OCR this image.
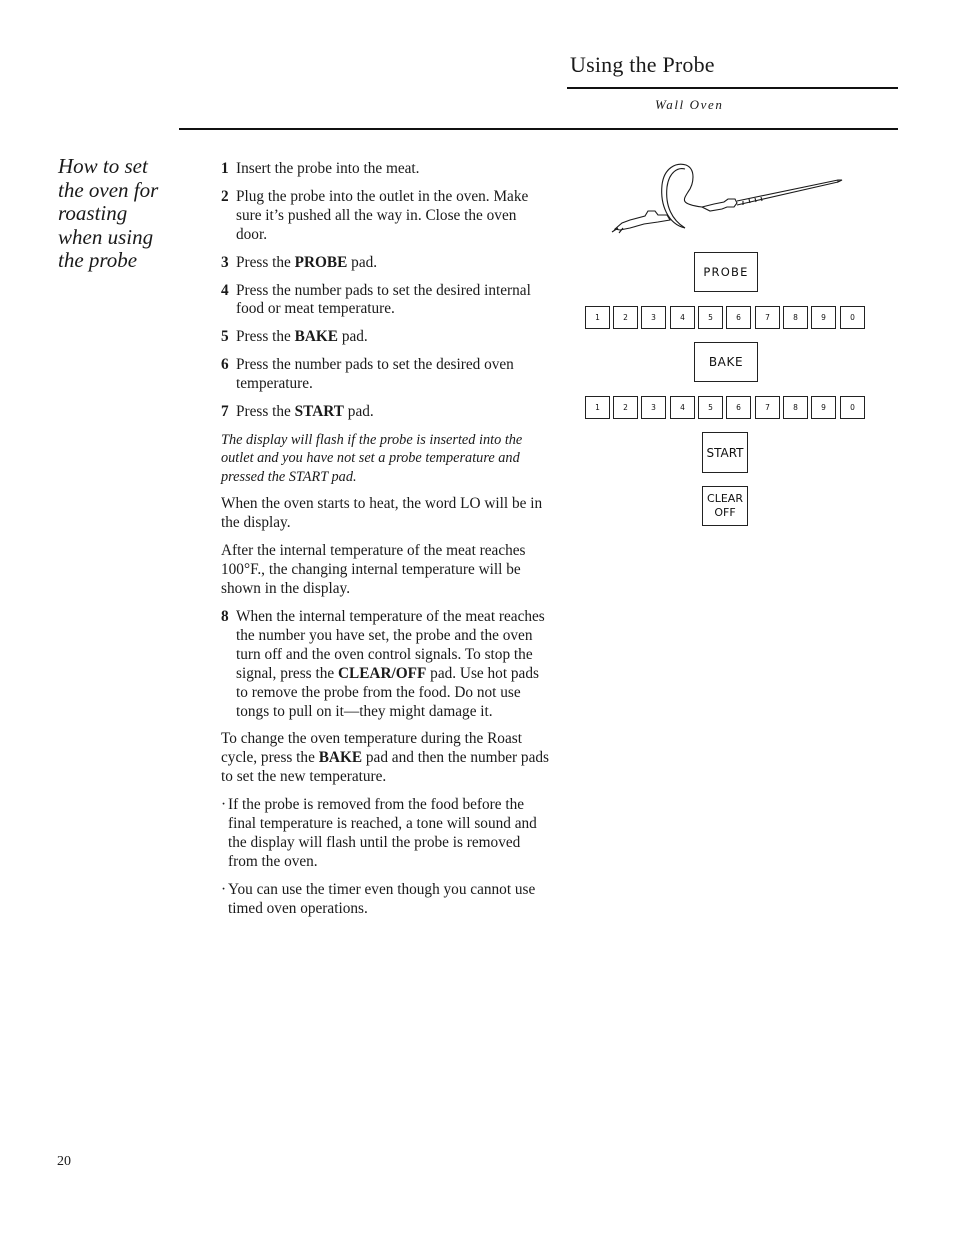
Using the Probe
Wall Oven
How to set
the oven for
roasting
when using
the probe
1 Insert the probe into the meat.
2 Plug the probe into the outlet in the oven. Make sure it’s pushed all the way in. Close the oven door.
3 Press the PROBE pad.
4 Press the number pads to set the desired internal food or meat temperature.
5 Press the BAKE pad.
6 Press the number pads to set the desired oven temperature.
7 Press the START pad.
The display will flash if the probe is inserted into the outlet and you have not set a probe temperature and pressed the START pad.
When the oven starts to heat, the word LO will be in the display.
After the internal temperature of the meat reaches 100°F., the changing internal temperature will be shown in the display.
8 When the internal temperature of the meat reaches the number you have set, the probe and the oven turn off and the oven control signals. To stop the signal, press the CLEAR/OFF pad. Use hot pads to remove the probe from the food. Do not use tongs to pull on it—they might damage it.
To change the oven temperature during the Roast cycle, press the BAKE pad and then the number pads to set the new temperature.
· If the probe is removed from the food before the final temperature is reached, a tone will sound and the display will flash until the probe is removed from the oven.
· You can use the timer even though you cannot use timed oven operations.
PROBE
1	2	3	4	5	6	7	8	9	0
BAKE
1	2	3	4	5	6	7	8	9	0
START
CLEAR
OFF
20
